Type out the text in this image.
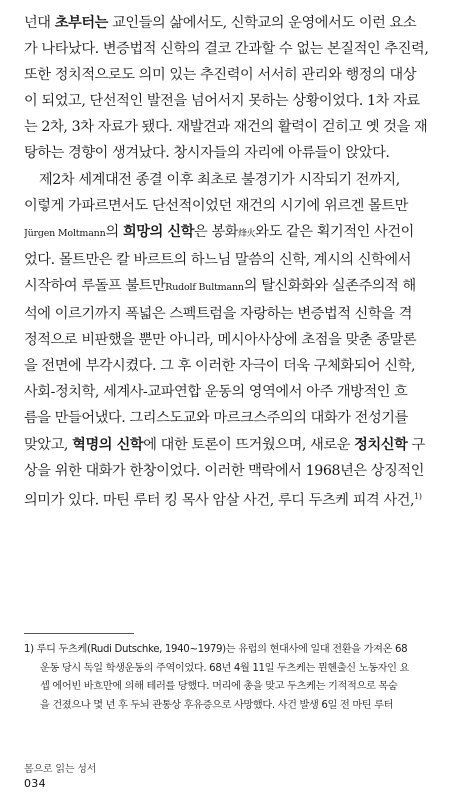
넌대 초부터는 교인들의 삶에서도, 신학교의 운영에서도 이런 요소
가 나타났다. 변증법적 신학의 결코 간과할 수 없는 본질적인 추진력,
또한 정치적으로도 의미 있는 추진력이 서서히 관리와 행정의 대상
이 되었고, 단선적인 발전을 넘어서지 못하는 상황이었다. 1차 자료
는 2차, 3차 자료가 됐다. 재발견과 재건의 활력이 걷히고 옛 것을 재
탕하는 경향이 생겨났다. 창시자들의 자리에 아류들이 앉았다.

제2차 세계대전 종결 이후 최초로 불경기가 시작되기 전까지,
이렇게 가파르면서도 단선적이었던 재건의 시기에 위르겐 몰트만
Jürgen Moltmann의 희망의 신학은 봉화烽火와도 같은 획기적인 사건이
었다. 몰트만은 칼 바르트의 하느님 말씀의 신학, 계시의 신학에서
시작하여 루돌프 불트만Rudolf Bultmann의 탈신화화와 실존주의적 해
석에 이르기까지 폭넓은 스펙트럼을 자랑하는 변증법적 신학을 격
정적으로 비판했을 뿐만 아니라, 메시아사상에 초점을 맞춘 종말론
을 전면에 부각시켰다. 그 후 이러한 자극이 더욱 구체화되어 신학,
사회-정치학, 세계사-교파연합 운동의 영역에서 아주 개방적인 흐
름을 만들어냈다. 그리스도교와 마르크스주의의 대화가 전성기를
맞았고, 혁명의 신학에 대한 토론이 뜨거웠으며, 새로운 정치신학 구
상을 위한 대화가 한창이었다. 이러한 맥락에서 1968년은 상징적인
의미가 있다. 마틴 루터 킹 목사 암살 사건, 루디 두츠케 피격 사건,$^{1)}$

1) 루디 두츠케(Rudi Dutschke, 1940~1979)는 유럽의 현대사에 일대 전환을 가져온 68
운동 당시 독일 학생운동의 주역이었다. 68년 4월 11일 두츠케는 뮌헨출신 노동자인 요
셉 에어빈 바흐만에 의해 테러를 당했다. 머리에 총을 맞고 두츠케는 기적적으로 목숨
을 건졌으나 몇 년 후 두뇌 관통상 후유증으로 사망했다. 사건 발생 6일 전 마틴 루터
몸으로 읽는 성서
034
